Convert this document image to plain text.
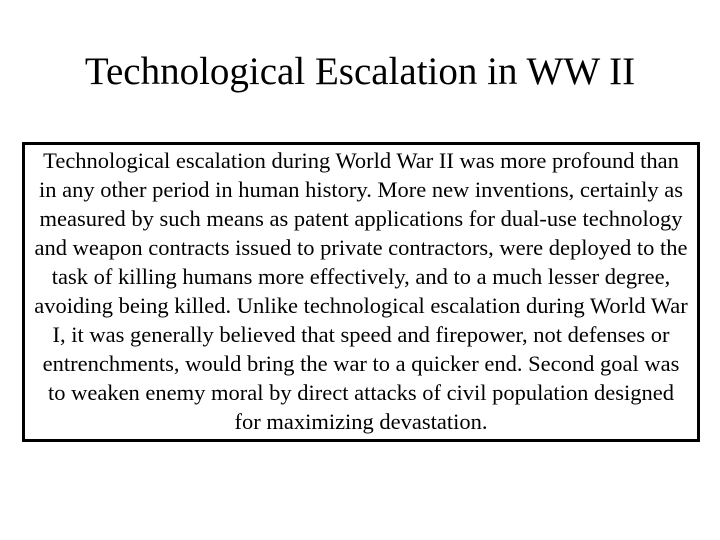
Technological Escalation in WW II

Technological escalation during World War II was more profound than in any other period in human history. More new inventions, certainly as measured by such means as patent applications for dual-use technology and weapon contracts issued to private contractors, were deployed to the task of killing humans more effectively, and to a much lesser degree, avoiding being killed. Unlike technological escalation during World War I, it was generally believed that speed and firepower, not defenses or entrenchments, would bring the war to a quicker end. Second goal was to weaken enemy moral by direct attacks of civil population designed for maximizing devastation.
